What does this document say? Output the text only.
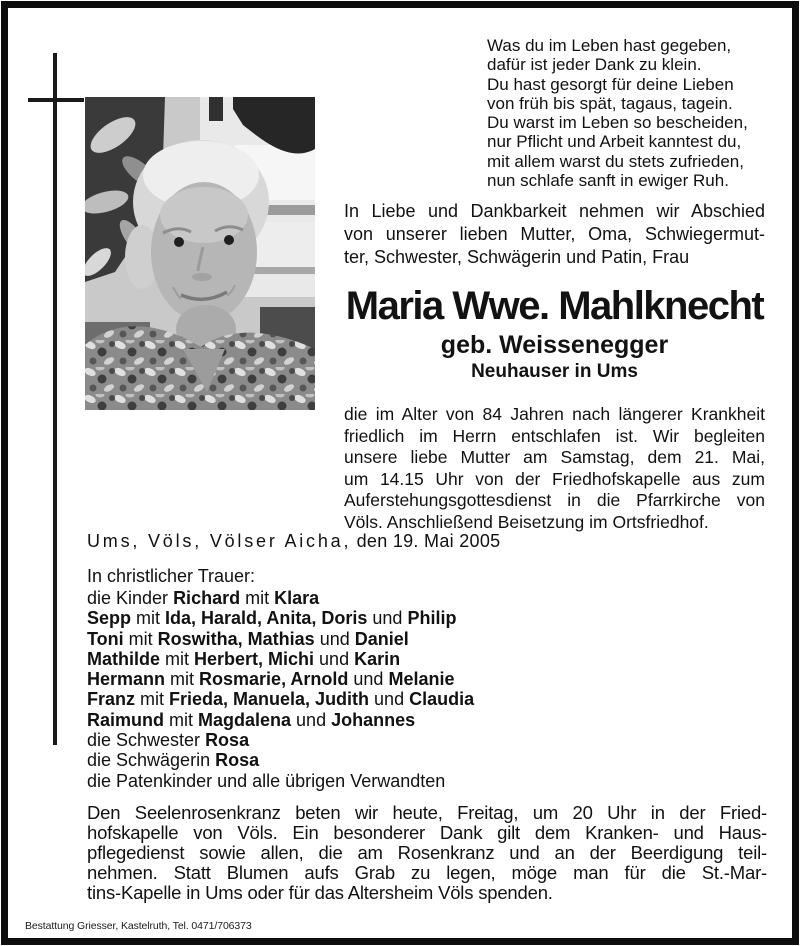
Was du im Leben hast gegeben,
dafür ist jeder Dank zu klein.
Du hast gesorgt für deine Lieben
von früh bis spät, tagaus, tagein.
Du warst im Leben so bescheiden,
nur Pflicht und Arbeit kanntest du,
mit allem warst du stets zufrieden,
nun schlafe sanft in ewiger Ruh.
In Liebe und Dankbarkeit nehmen wir Abschied
von unserer lieben Mutter, Oma, Schwiegermut-
ter, Schwester, Schwägerin und Patin, Frau
Maria Wwe. Mahlknecht
geb. Weissenegger
Neuhauser in Ums
die im Alter von 84 Jahren nach längerer Krankheit
friedlich im Herrn entschlafen ist. Wir begleiten
unsere liebe Mutter am Samstag, dem 21. Mai,
um 14.15 Uhr von der Friedhofskapelle aus zum
Auferstehungsgottesdienst in die Pfarrkirche von
Völs. Anschließend Beisetzung im Ortsfriedhof.
Ums, Völs, Völser Aicha, den 19. Mai 2005
In christlicher Trauer:
die Kinder Richard mit Klara
Sepp mit Ida, Harald, Anita, Doris und Philip
Toni mit Roswitha, Mathias und Daniel
Mathilde mit Herbert, Michi und Karin
Hermann mit Rosmarie, Arnold und Melanie
Franz mit Frieda, Manuela, Judith und Claudia
Raimund mit Magdalena und Johannes
die Schwester Rosa
die Schwägerin Rosa
die Patenkinder und alle übrigen Verwandten
Den Seelenrosenkranz beten wir heute, Freitag, um 20 Uhr in der Fried-
hofskapelle von Völs. Ein besonderer Dank gilt dem Kranken- und Haus-
pflegedienst sowie allen, die am Rosenkranz und an der Beerdigung teil-
nehmen. Statt Blumen aufs Grab zu legen, möge man für die St.-Mar-
tins-Kapelle in Ums oder für das Altersheim Völs spenden.
Bestattung Griesser, Kastelruth, Tel. 0471/706373
